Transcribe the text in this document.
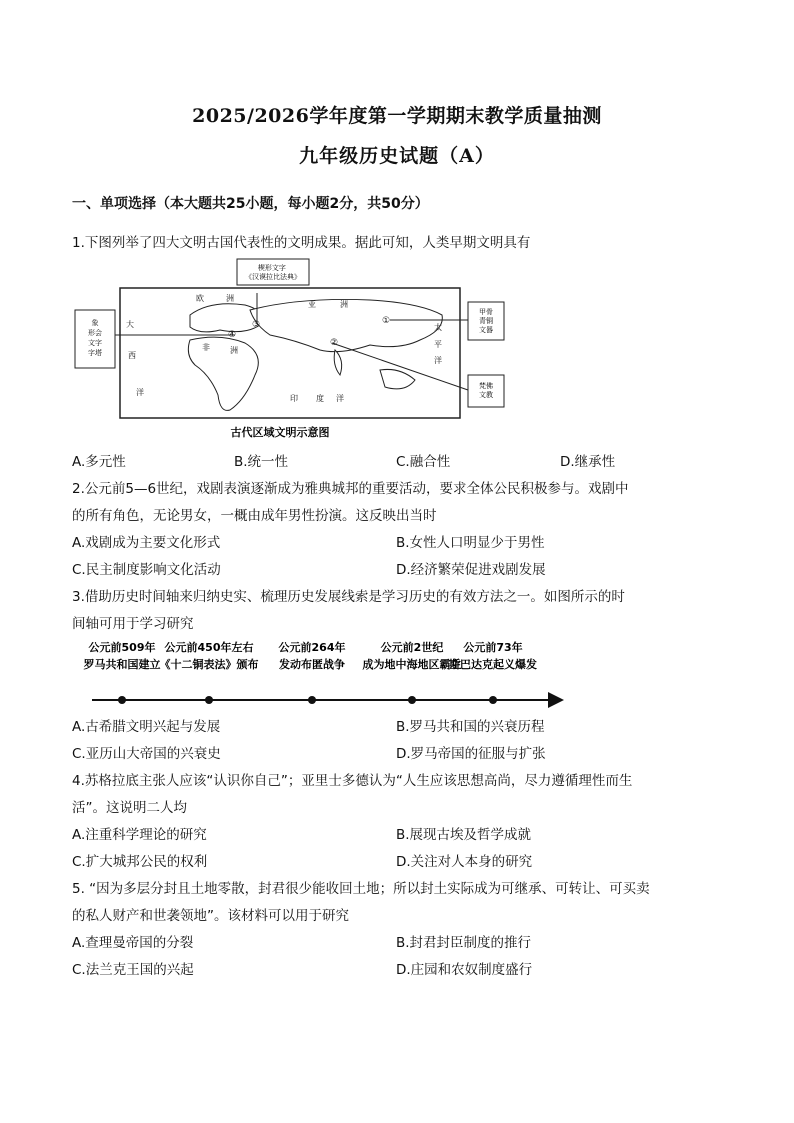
2025/2026学年度第一学期期末教学质量抽测
九年级历史试题（A）
一、单项选择（本大题共25小题，每小题2分，共50分）
1.下图列举了四大文明古国代表性的文明成果。据此可知，人类早期文明具有
欧	洲
亚	洲
大
西
非	洲
洋
印 度 洋
太
平
洋
①
②
③
④
楔形文字 《汉谟拉比法典》
象形会文字字塔
甲骨青铜文器
梵佛文教
古代区域文明示意图
A.多元性	B.统一性	C.融合性	D.继承性
2.公元前5—6世纪，戏剧表演逐渐成为雅典城邦的重要活动，要求全体公民积极参与。戏剧中
的所有角色，无论男女，一概由成年男性扮演。这反映出当时
A.戏剧成为主要文化形式	B.女性人口明显少于男性
C.民主制度影响文化活动	D.经济繁荣促进戏剧发展
3.借助历史时间轴来归纳史实、梳理历史发展线索是学习历史的有效方法之一。如图所示的时
间轴可用于学习研究
公元前509年
罗马共和国建立
公元前450年左右
《十二铜表法》颁布
公元前264年
发动布匿战争
公元前2世纪
成为地中海地区霸主
公元前73年
斯巴达克起义爆发
A.古希腊文明兴起与发展	B.罗马共和国的兴衰历程
C.亚历山大帝国的兴衰史	D.罗马帝国的征服与扩张
4.苏格拉底主张人应该“认识你自己”；亚里士多德认为“人生应该思想高尚，尽力遵循理性而生
活”。这说明二人均
A.注重科学理论的研究	B.展现古埃及哲学成就
C.扩大城邦公民的权利	D.关注对人本身的研究
5. “因为多层分封且土地零散，封君很少能收回土地；所以封土实际成为可继承、可转让、可买卖
的私人财产和世袭领地”。该材料可以用于研究
A.查理曼帝国的分裂	B.封君封臣制度的推行
C.法兰克王国的兴起	D.庄园和农奴制度盛行
